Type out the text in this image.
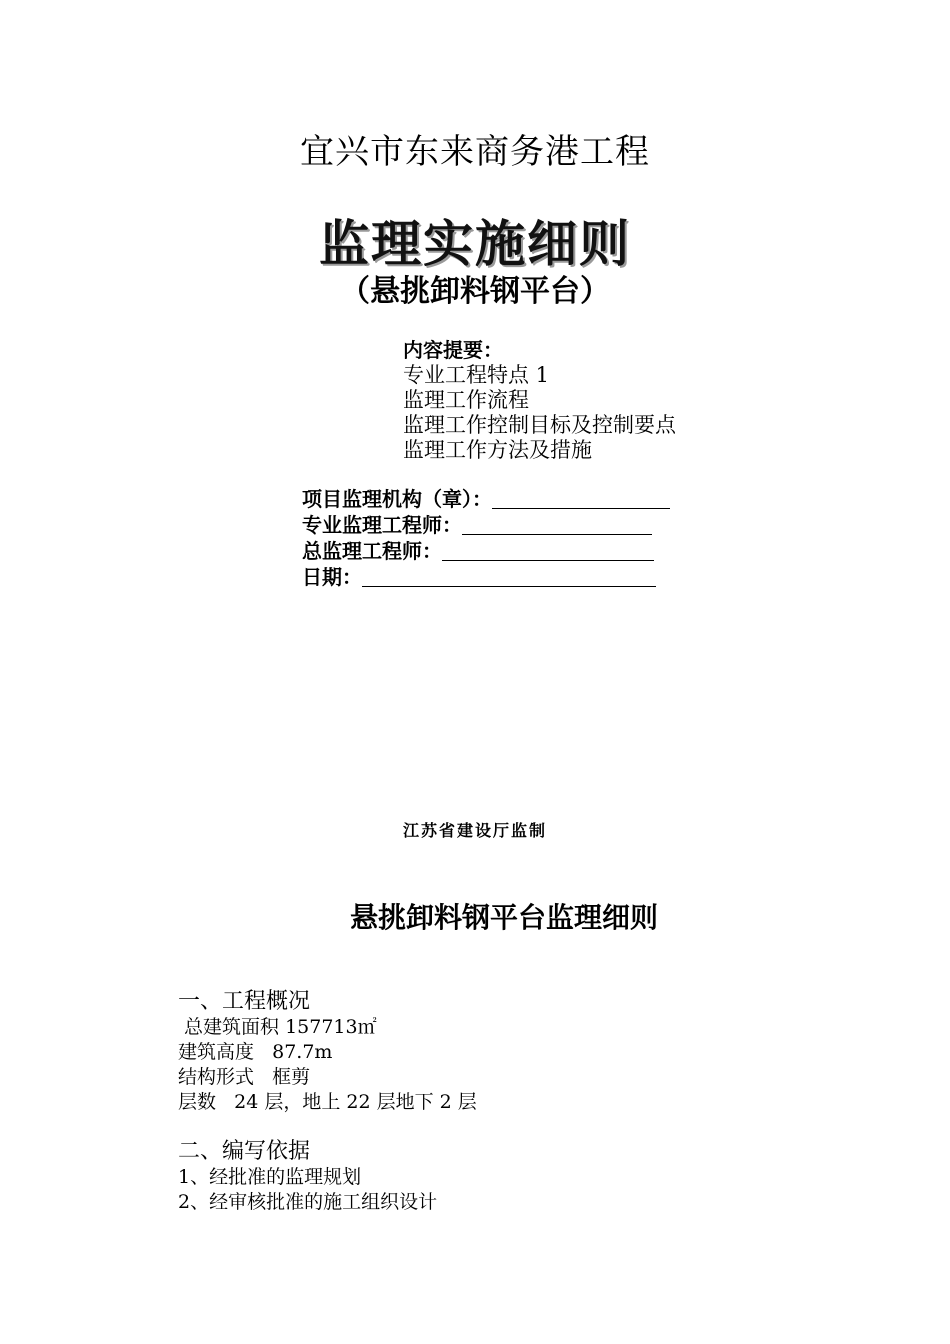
宜兴市东来商务港工程
监理实施细则
（悬挑卸料钢平台）
内容提要：
专业工程特点 1
监理工作流程
监理工作控制目标及控制要点
监理工作方法及措施
项目监理机构（章）：
专业监理工程师：
总监理工程师：
日期：
江苏省建设厅监制
悬挑卸料钢平台监理细则
一、工程概况
总建筑面积 157713㎡
建筑高度   87.7m
结构形式   框剪
层数   24 层，地上 22 层地下 2 层
二、编写依据
1、经批准的监理规划
2、经审核批准的施工组织设计
